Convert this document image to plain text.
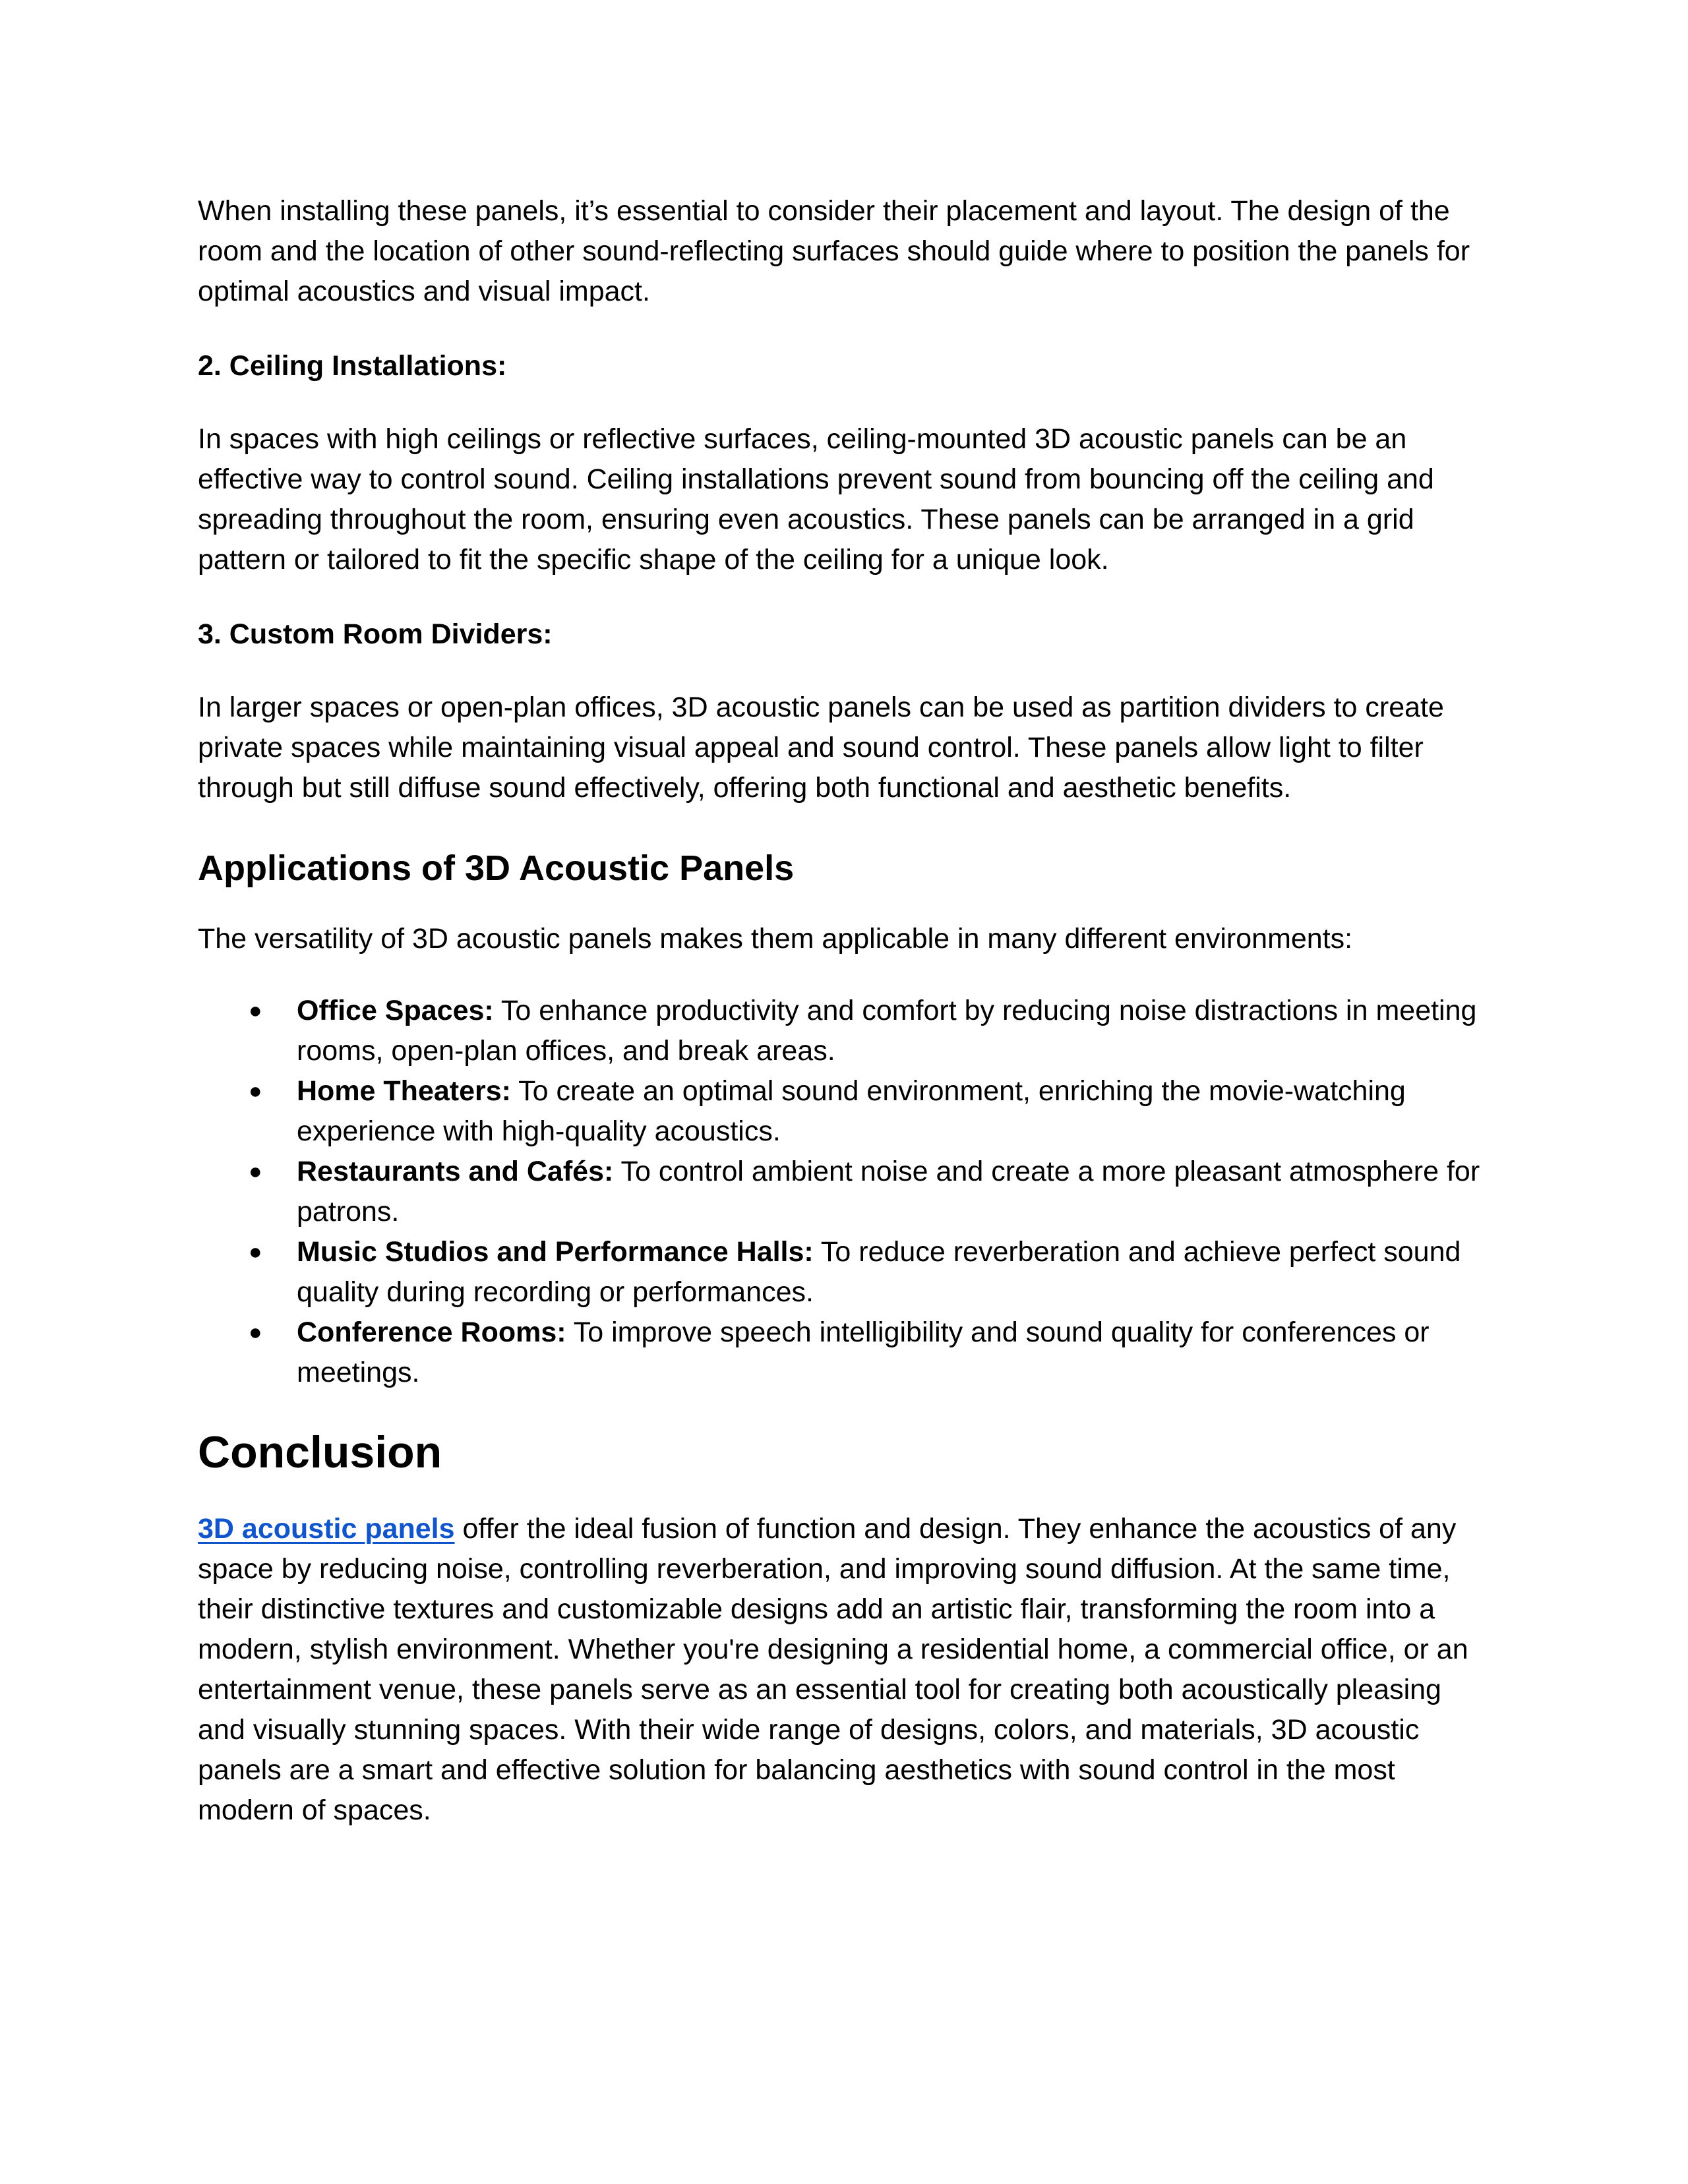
When installing these panels, it’s essential to consider their placement and layout. The design of the room and the location of other sound-reflecting surfaces should guide where to position the panels for optimal acoustics and visual impact.

2. Ceiling Installations:

In spaces with high ceilings or reflective surfaces, ceiling-mounted 3D acoustic panels can be an effective way to control sound. Ceiling installations prevent sound from bouncing off the ceiling and spreading throughout the room, ensuring even acoustics. These panels can be arranged in a grid pattern or tailored to fit the specific shape of the ceiling for a unique look.

3. Custom Room Dividers:

In larger spaces or open-plan offices, 3D acoustic panels can be used as partition dividers to create private spaces while maintaining visual appeal and sound control. These panels allow light to filter through but still diffuse sound effectively, offering both functional and aesthetic benefits.

Applications of 3D Acoustic Panels

The versatility of 3D acoustic panels makes them applicable in many different environments:

● Office Spaces: To enhance productivity and comfort by reducing noise distractions in meeting rooms, open-plan offices, and break areas.
● Home Theaters: To create an optimal sound environment, enriching the movie-watching experience with high-quality acoustics.
● Restaurants and Cafés: To control ambient noise and create a more pleasant atmosphere for patrons.
● Music Studios and Performance Halls: To reduce reverberation and achieve perfect sound quality during recording or performances.
● Conference Rooms: To improve speech intelligibility and sound quality for conferences or meetings.
Conclusion

3D acoustic panels offer the ideal fusion of function and design. They enhance the acoustics of any space by reducing noise, controlling reverberation, and improving sound diffusion. At the same time, their distinctive textures and customizable designs add an artistic flair, transforming the room into a modern, stylish environment. Whether you're designing a residential home, a commercial office, or an entertainment venue, these panels serve as an essential tool for creating both acoustically pleasing and visually stunning spaces. With their wide range of designs, colors, and materials, 3D acoustic panels are a smart and effective solution for balancing aesthetics with sound control in the most modern of spaces.
